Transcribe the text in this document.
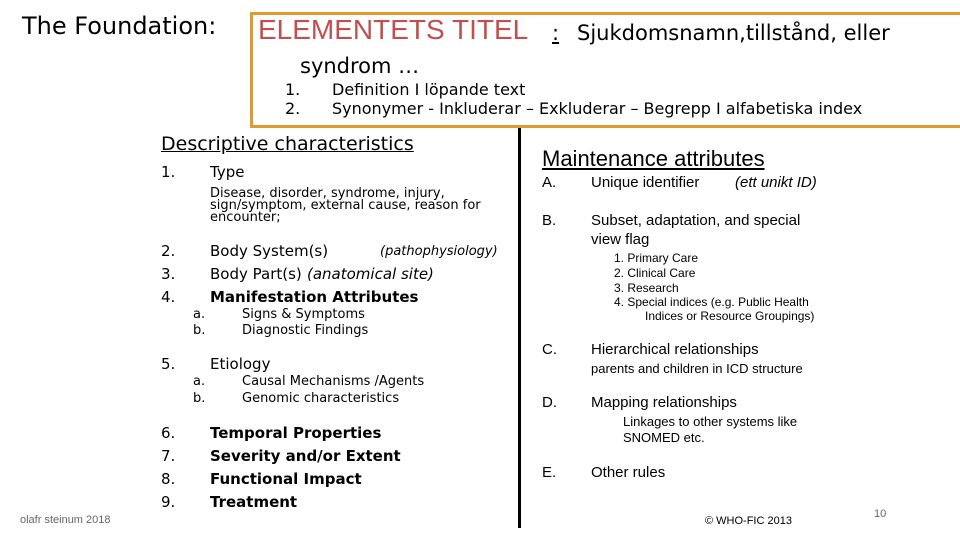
The Foundation: ELEMENTETS TITEL : Sjukdomsnamn,tillstånd, eller
syndrom …
1. Definition I löpande text
2. Synonymer - Inkluderar – Exkluderar – Begrepp I alfabetiska index
Descriptive characteristics
1. Type
Disease, disorder, syndrome, injury, sign/symptom, external cause, reason for encounter;
2. Body System(s)	(pathophysiology)
3. Body Part(s) (anatomical site)
4. Manifestation Attributes
a.	Signs & Symptoms
b.	Diagnostic Findings
5. Etiology
a.	Causal Mechanisms /Agents
b.	Genomic characteristics
6. Temporal Properties
7. Severity and/or Extent
8. Functional Impact
9. Treatment
Maintenance attributes
A. Unique identifier (ett unikt ID)
B. Subset, adaptation, and special
view flag
1. Primary Care
2. Clinical Care
3. Research
4. Special indices (e.g. Public Health
Indices or Resource Groupings)
C. Hierarchical relationships
parents and children in ICD structure
D. Mapping relationships
Linkages to other systems like
SNOMED etc.
E. Other rules
olafr steinum 2018	© WHO-FIC 2013
10
